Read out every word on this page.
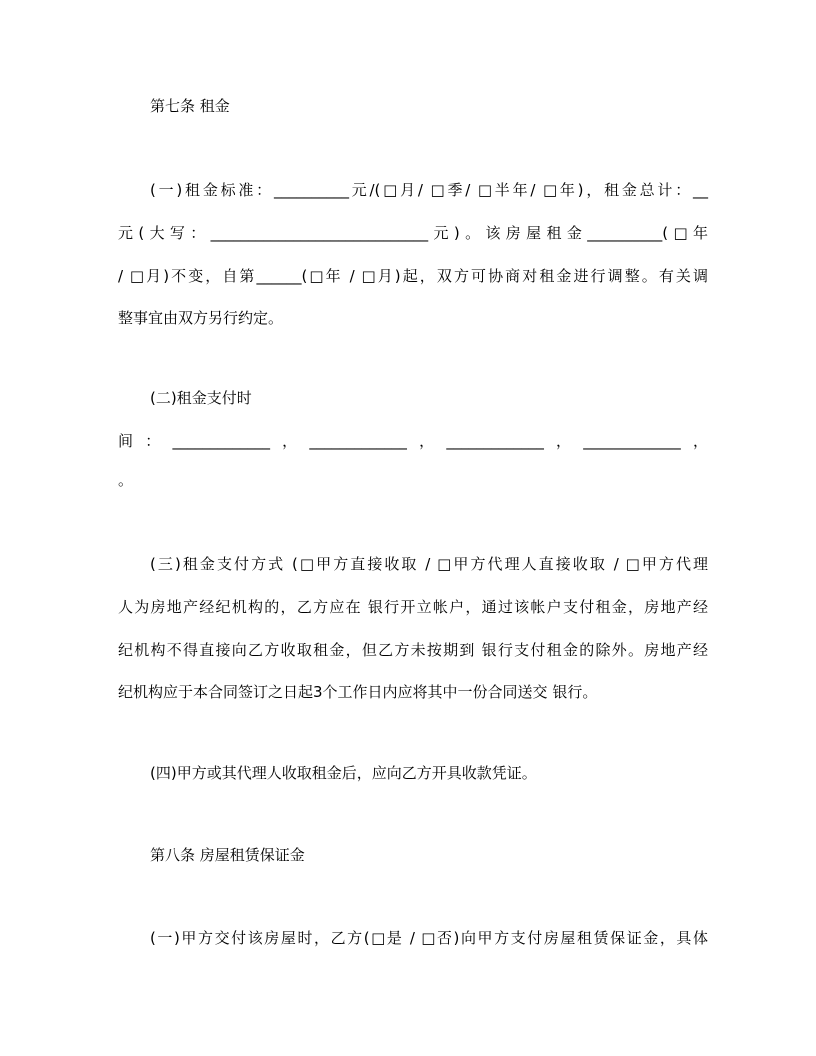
第七条 租金
(一)租金标准：__________元/(□月/ □季/ □半年/ □年)，租金总计：__
元(大写：_____________________________元)。该房屋租金__________(□年
/ □月)不变，自第______(□年 / □月)起，双方可协商对租金进行调整。有关调
整事宜由双方另行约定。
(二)租金支付时
间：_____________，_____________，_____________，_____________，
。
(三)租金支付方式 (□甲方直接收取 / □甲方代理人直接收取 / □甲方代理
人为房地产经纪机构的，乙方应在 银行开立帐户，通过该帐户支付租金，房地产经
纪机构不得直接向乙方收取租金，但乙方未按期到 银行支付租金的除外。房地产经
纪机构应于本合同签订之日起3个工作日内应将其中一份合同送交 银行。
(四)甲方或其代理人收取租金后，应向乙方开具收款凭证。
第八条 房屋租赁保证金
(一)甲方交付该房屋时，乙方(□是 / □否)向甲方支付房屋租赁保证金，具体
